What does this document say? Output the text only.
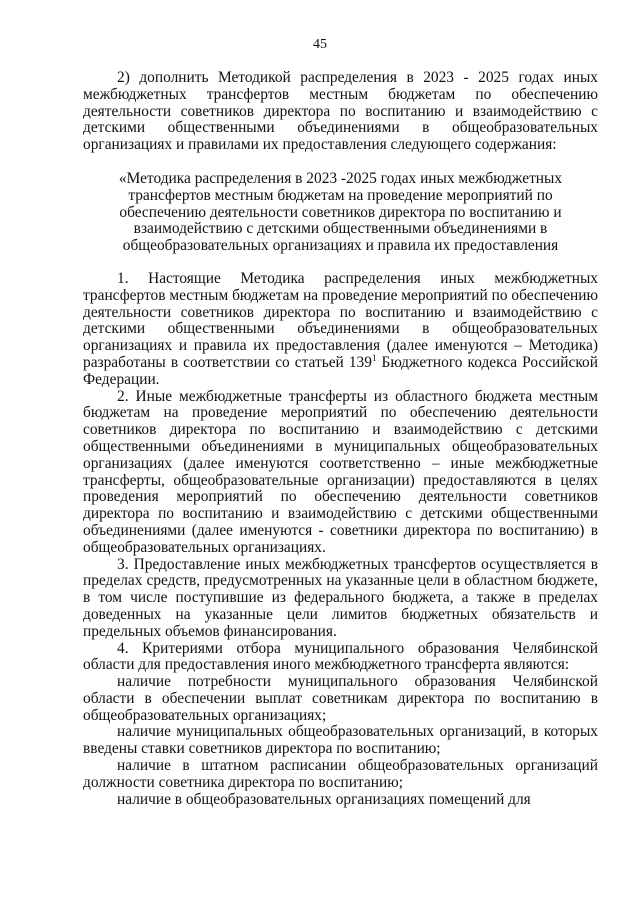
45

2) дополнить Методикой распределения в 2023 - 2025 годах иных межбюджетных трансфертов местным бюджетам по обеспечению деятельности советников директора по воспитанию и взаимодействию с детскими общественными объединениями в общеобразовательных организациях и правилами их предоставления следующего содержания:

«Методика распределения в 2023 -2025 годах иных межбюджетных трансфертов местным бюджетам на проведение мероприятий по обеспечению деятельности советников директора по воспитанию и взаимодействию с детскими общественными объединениями в общеобразовательных организациях и правила их предоставления

1. Настоящие Методика распределения иных межбюджетных трансфертов местным бюджетам на проведение мероприятий по обеспечению деятельности советников директора по воспитанию и взаимодействию с детскими общественными объединениями в общеобразовательных организациях и правила их предоставления (далее именуются – Методика) разработаны в соответствии со статьей $139^1$ Бюджетного кодекса Российской Федерации.

2. Иные межбюджетные трансферты из областного бюджета местным бюджетам на проведение мероприятий по обеспечению деятельности советников директора по воспитанию и взаимодействию с детскими общественными объединениями в муниципальных общеобразовательных организациях (далее именуются соответственно – иные межбюджетные трансферты, общеобразовательные организации) предоставляются в целях проведения мероприятий по обеспечению деятельности советников директора по воспитанию и взаимодействию с детскими общественными объединениями (далее именуются - советники директора по воспитанию) в общеобразовательных организациях.

3. Предоставление иных межбюджетных трансфертов осуществляется в пределах средств, предусмотренных на указанные цели в областном бюджете, в том числе поступившие из федерального бюджета, а также в пределах доведенных на указанные цели лимитов бюджетных обязательств и предельных объемов финансирования.

4. Критериями отбора муниципального образования Челябинской области для предоставления иного межбюджетного трансферта являются:

наличие потребности муниципального образования Челябинской области в обеспечении выплат советникам директора по воспитанию в общеобразовательных организациях;

наличие муниципальных общеобразовательных организаций, в которых введены ставки советников директора по воспитанию;

наличие в штатном расписании общеобразовательных организаций должности советника директора по воспитанию;

наличие в общеобразовательных организациях помещений для
